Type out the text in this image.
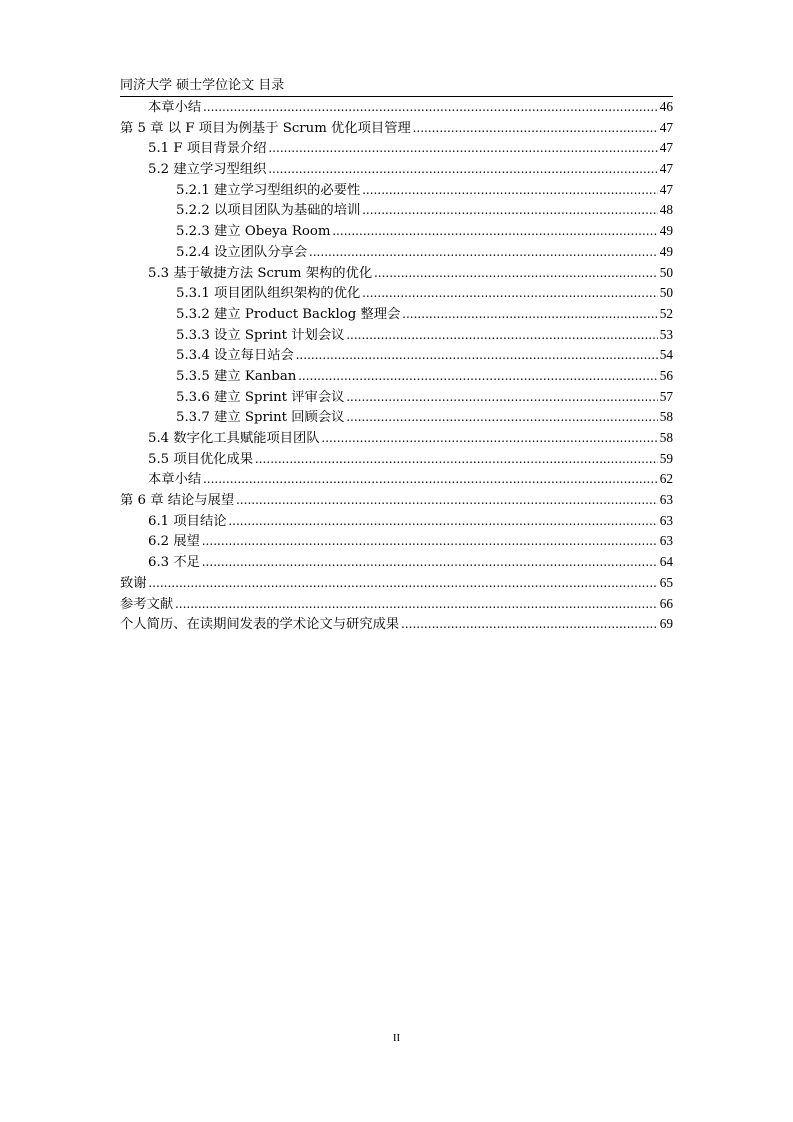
同济大学 硕士学位论文 目录
本章小结 .....	46
第 5 章 以 F 项目为例基于 Scrum 优化项目管理 .....	47
5.1 F 项目背景介绍 .....	47
5.2 建立学习型组织 .....	47
5.2.1 建立学习型组织的必要性 .....	47
5.2.2 以项目团队为基础的培训 .....	48
5.2.3 建立 Obeya Room .....	49
5.2.4 设立团队分享会 .....	49
5.3 基于敏捷方法 Scrum 架构的优化 .....	50
5.3.1 项目团队组织架构的优化 .....	50
5.3.2 建立 Product Backlog 整理会 .....	52
5.3.3 设立 Sprint 计划会议 .....	53
5.3.4 设立每日站会 .....	54
5.3.5 建立 Kanban .....	56
5.3.6 建立 Sprint 评审会议 .....	57
5.3.7 建立 Sprint 回顾会议 .....	58
5.4 数字化工具赋能项目团队 .....	58
5.5 项目优化成果 .....	59
本章小结 .....	62
第 6 章 结论与展望 .....	63
6.1 项目结论 .....	63
6.2 展望 .....	63
6.3 不足 .....	64
致谢 .....	65
参考文献 .....	66
个人简历、在读期间发表的学术论文与研究成果 .....	69
II
